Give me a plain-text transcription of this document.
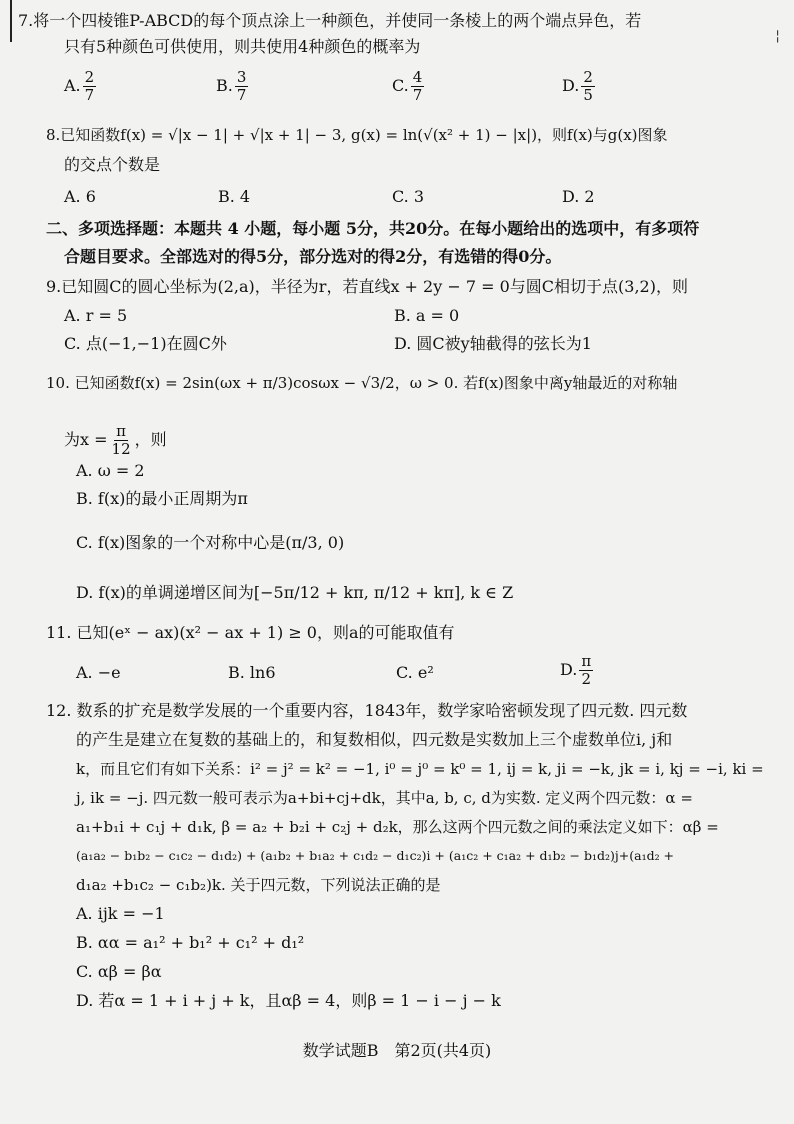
¦
7.将一个四棱锥P-ABCD的每个顶点涂上一种颜色，并使同一条棱上的两个端点异色，若
只有5种颜色可供使用，则共使用4种颜色的概率为
A. $\frac{2}{7}$	B. $\frac{3}{7}$	C. $\frac{4}{7}$	D. $\frac{2}{5}$
8.已知函数f(x) = √|x − 1| + √|x + 1| − 3, g(x) = ln(√(x² + 1) − |x|)，则f(x)与g(x)图象
的交点个数是
A. 6	B. 4	C. 3	D. 2
二、多项选择题：本题共 4 小题，每小题 5分，共20分。在每小题给出的选项中，有多项符
合题目要求。全部选对的得5分，部分选对的得2分，有选错的得0分。
9.已知圆C的圆心坐标为(2,a)，半径为r，若直线x + 2y − 7 = 0与圆C相切于点(3,2)，则
A. r = 5	B. a = 0
C. 点(−1,−1)在圆C外	D. 圆C被y轴截得的弦长为1
10. 已知函数f(x) = 2sin(ωx + π/3)cosωx − √3/2，ω > 0. 若f(x)图象中离y轴最近的对称轴
为$x = \frac{\pi}{12}$ ，则
A. ω = 2
B. f(x)的最小正周期为π
C. f(x)图象的一个对称中心是(π/3, 0)
D. f(x)的单调递增区间为[−5π/12 + kπ, π/12 + kπ], k ∈ Z
11. 已知(eˣ − ax)(x² − ax + 1) ≥ 0，则a的可能取值有
A. −e	B. ln6	C. e²	D. $\frac{\pi}{2}$
12. 数系的扩充是数学发展的一个重要内容，1843年，数学家哈密顿发现了四元数. 四元数
的产生是建立在复数的基础上的，和复数相似，四元数是实数加上三个虚数单位i, j和
k，而且它们有如下关系：i² = j² = k² = −1, i⁰ = j⁰ = k⁰ = 1, ij = k, ji = −k, jk = i, kj = −i, ki =
j, ik = −j. 四元数一般可表示为a+bi+cj+dk，其中a, b, c, d为实数. 定义两个四元数：α =
a₁+b₁i + c₁j + d₁k, β = a₂ + b₂i + c₂j + d₂k，那么这两个四元数之间的乘法定义如下：αβ =
(a₁a₂ − b₁b₂ − c₁c₂ − d₁d₂) + (a₁b₂ + b₁a₂ + c₁d₂ − d₁c₂)i + (a₁c₂ + c₁a₂ + d₁b₂ − b₁d₂)j+(a₁d₂ +
d₁a₂ +b₁c₂ − c₁b₂)k. 关于四元数，下列说法正确的是
A. ijk = −1
B. αα = a₁² + b₁² + c₁² + d₁²
C. αβ = βα
D. 若α = 1 + i + j + k，且αβ = 4，则β = 1 − i − j − k
数学试题B　第2页(共4页)
